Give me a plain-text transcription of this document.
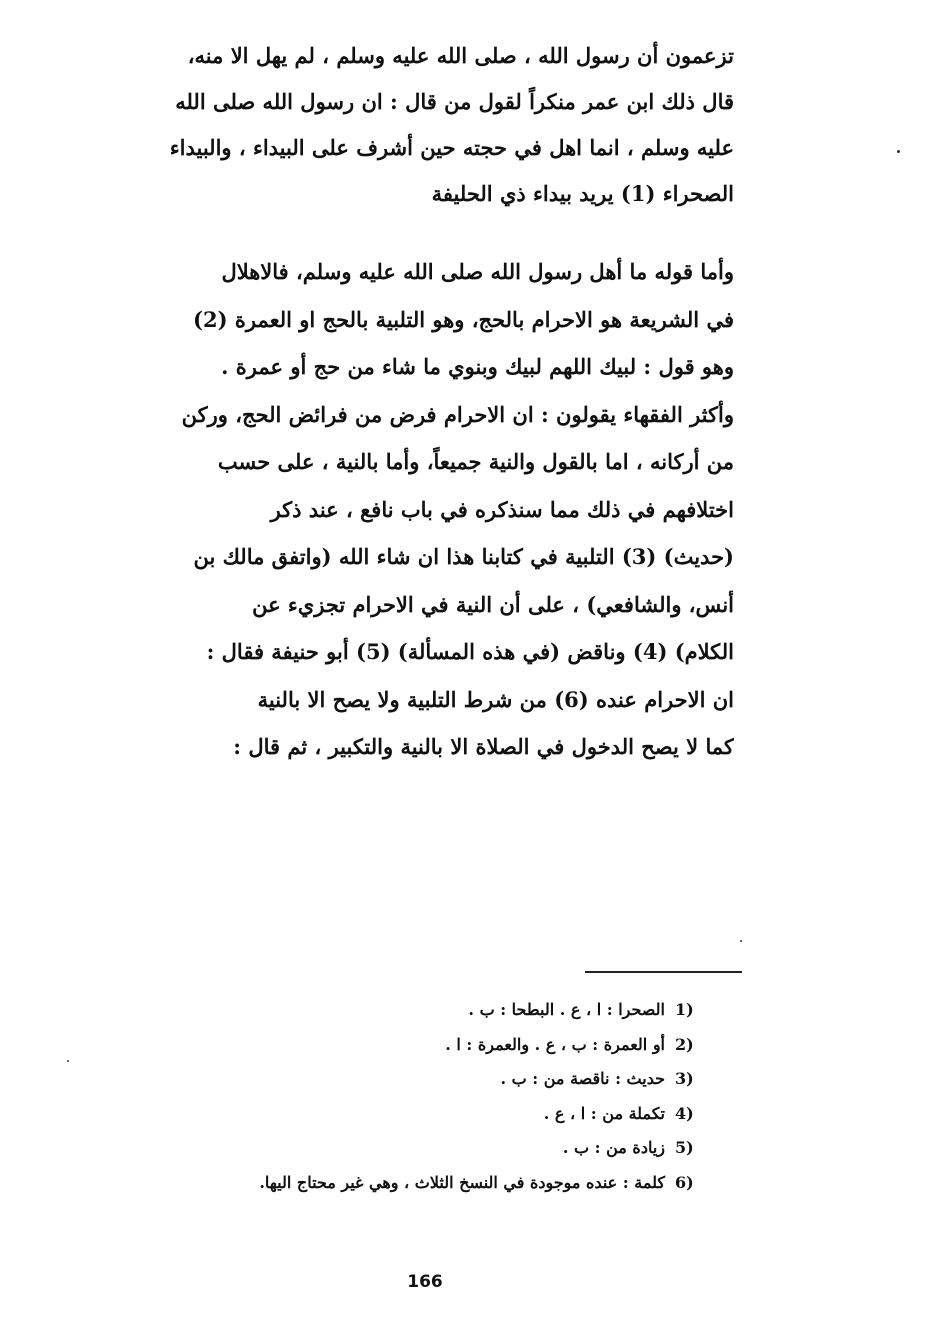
تزعمون أن رسول الله ، صلى الله عليه وسلم ، لم يهل الا منه،
قال ذلك ابن عمر منكراً لقول من قال : ان رسول الله صلى الله
عليه وسلم ، انما اهل في حجته حين أشرف على البيداء ، والبيداء
الصحراء (1) يريد بيداء ذي الحليفة
وأما قوله ما أهل رسول الله صلى الله عليه وسلم، فالاهلال
في الشريعة هو الاحرام بالحج، وهو التلبية بالحج او العمرة (2)
وهو قول : لبيك اللهم لبيك وبنوي ما شاء من حج أو عمرة .
وأكثر الفقهاء يقولون : ان الاحرام فرض من فرائض الحج، وركن
من أركانه ، اما بالقول والنية جميعاً، وأما بالنية ، على حسب
اختلافهم في ذلك مما سنذكره في باب نافع ، عند ذكر
(حديث) (3) التلبية في كتابنا هذا ان شاء الله (واتفق مالك بن
أنس، والشافعي) ، على أن النية في الاحرام تجزيء عن
الكلام) (4) وناقض (في هذه المسألة) (5) أبو حنيفة فقال :
ان الاحرام عنده (6) من شرط التلبية ولا يصح الا بالنية
كما لا يصح الدخول في الصلاة الا بالنية والتكبير ، ثم قال :
1)الصحرا : ا ، ع . البطحا : ب .
2)أو العمرة : ب ، ع . والعمرة : ا .
3)حديث : ناقصة من : ب .
4)تكملة من : ا ، ع .
5)زيادة من : ب .
6)كلمة : عنده موجودة في النسخ الثلاث ، وهي غير محتاج اليها.
166
